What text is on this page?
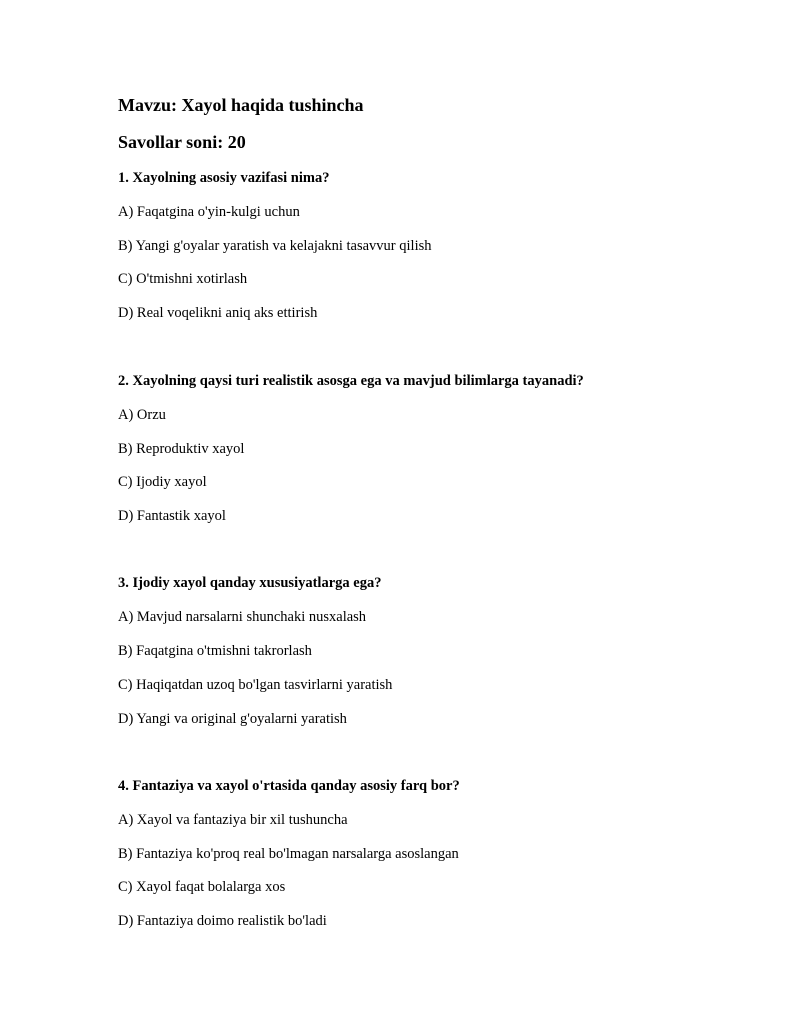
Mavzu: Xayol haqida tushincha
Savollar soni: 20
1. Xayolning asosiy vazifasi nima?
A) Faqatgina o'yin-kulgi uchun
B) Yangi g'oyalar yaratish va kelajakni tasavvur qilish
C) O'tmishni xotirlash
D) Real voqelikni aniq aks ettirish
2. Xayolning qaysi turi realistik asosga ega va mavjud bilimlarga tayanadi?
A) Orzu
B) Reproduktiv xayol
C) Ijodiy xayol
D) Fantastik xayol
3. Ijodiy xayol qanday xususiyatlarga ega?
A) Mavjud narsalarni shunchaki nusxalash
B) Faqatgina o'tmishni takrorlash
C) Haqiqatdan uzoq bo'lgan tasvirlarni yaratish
D) Yangi va original g'oyalarni yaratish
4. Fantaziya va xayol o'rtasida qanday asosiy farq bor?
A) Xayol va fantaziya bir xil tushuncha
B) Fantaziya ko'proq real bo'lmagan narsalarga asoslangan
C) Xayol faqat bolalarga xos
D) Fantaziya doimo realistik bo'ladi
